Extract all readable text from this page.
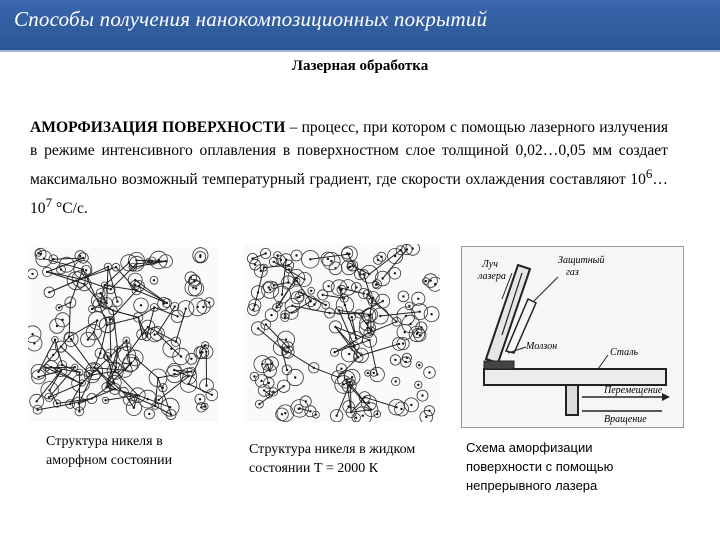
Способы получения нанокомпозиционных покрытий
Лазерная обработка
АМОРФИЗАЦИЯ ПОВЕРХНОСТИ – процесс, при котором с помощью лазерного излучения в режиме интенсивного оплавления в поверхностном слое толщиной 0,02…0,05 мм создает максимально возможный температурный градиент, где скорости охлаждения составляют $10^6\dots 10^7$ °С/с.
Структура никеля в
аморфном состоянии
Структура никеля в жидком
состоянии Т = 2000 К
Луч
лазера
Защитный
газ
Молзон
Сталь
Перемещение
Вращение
Схема аморфизации
поверхности с помощью
непрерывного лазера
